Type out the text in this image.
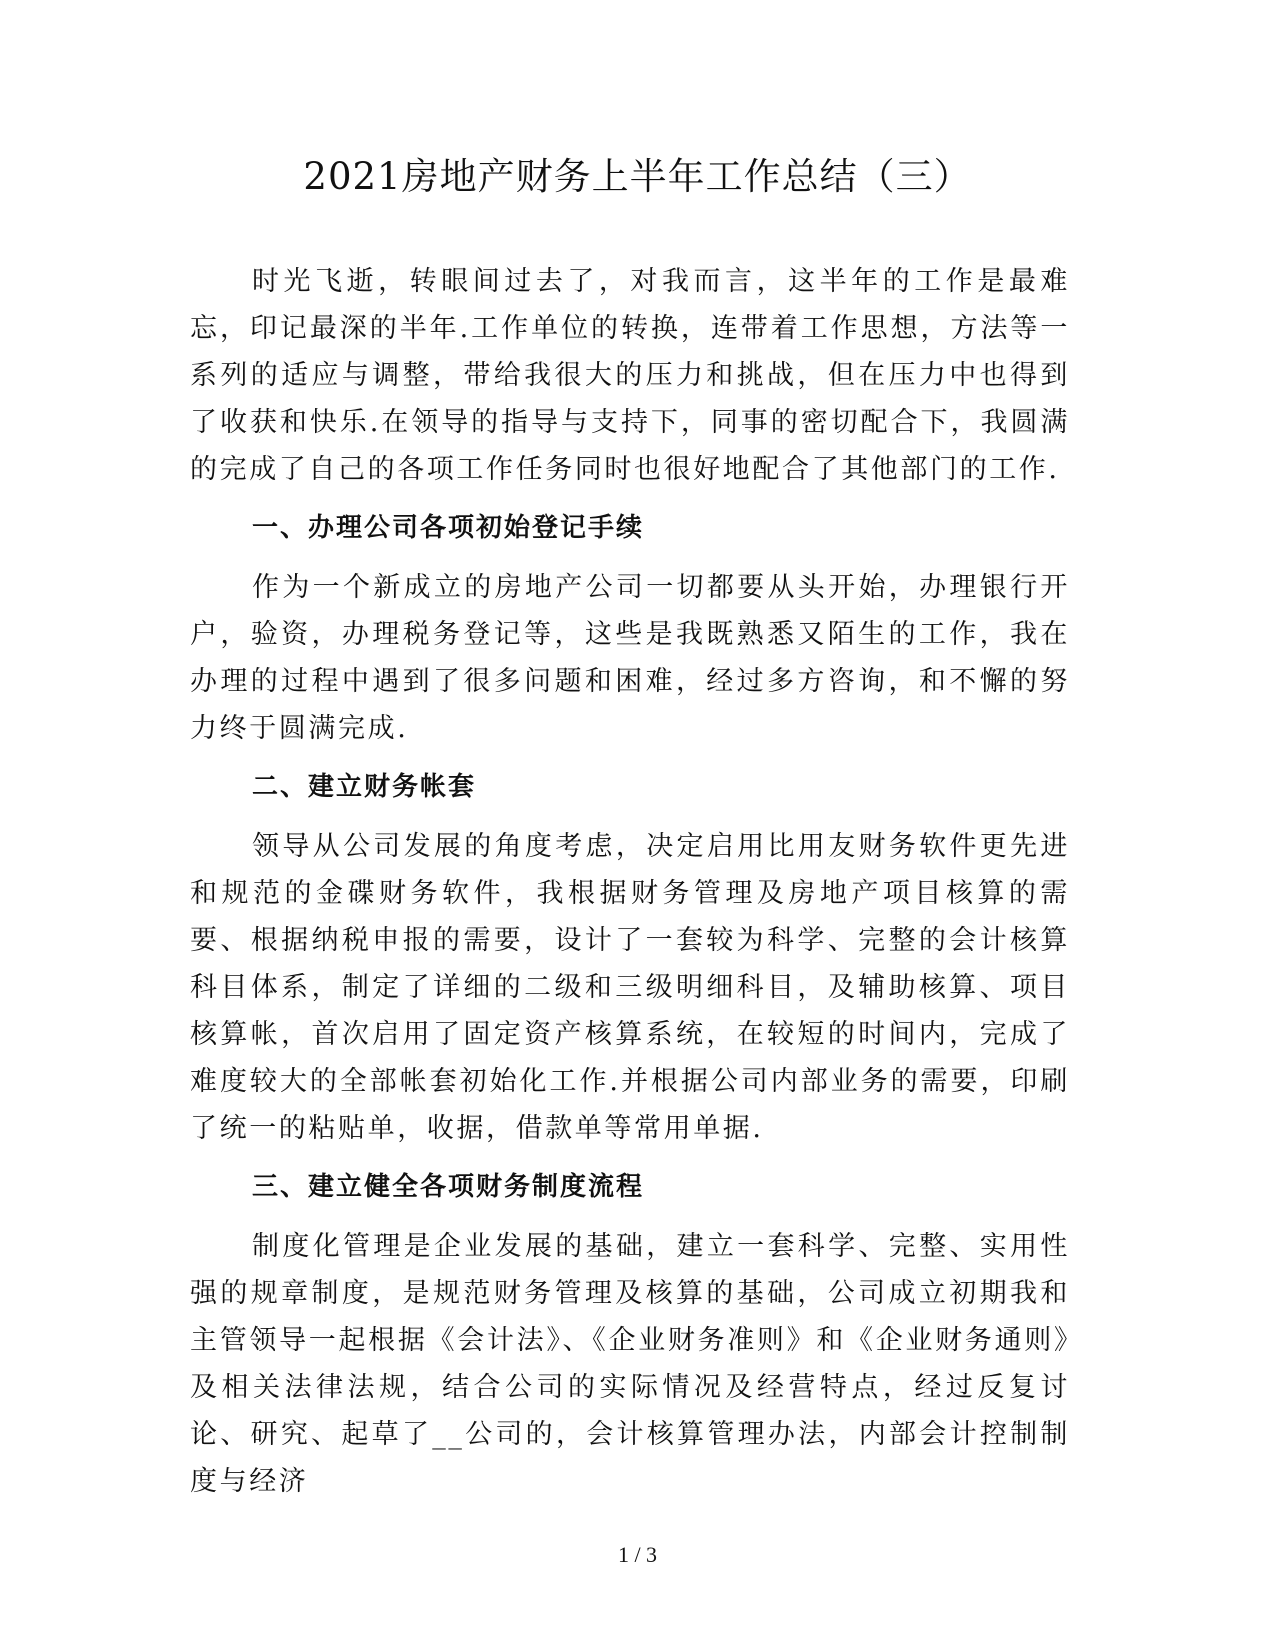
2021房地产财务上半年工作总结（三）

时光飞逝，转眼间过去了，对我而言，这半年的工作是最难忘，印记最深的半年.工作单位的转换，连带着工作思想，方法等一系列的适应与调整，带给我很大的压力和挑战，但在压力中也得到了收获和快乐.在领导的指导与支持下，同事的密切配合下，我圆满的完成了自己的各项工作任务同时也很好地配合了其他部门的工作.

一、办理公司各项初始登记手续

作为一个新成立的房地产公司一切都要从头开始，办理银行开户，验资，办理税务登记等，这些是我既熟悉又陌生的工作，我在办理的过程中遇到了很多问题和困难，经过多方咨询，和不懈的努力终于圆满完成.

二、建立财务帐套

领导从公司发展的角度考虑，决定启用比用友财务软件更先进和规范的金碟财务软件，我根据财务管理及房地产项目核算的需要、根据纳税申报的需要，设计了一套较为科学、完整的会计核算科目体系，制定了详细的二级和三级明细科目，及辅助核算、项目核算帐，首次启用了固定资产核算系统，在较短的时间内，完成了难度较大的全部帐套初始化工作.并根据公司内部业务的需要，印刷了统一的粘贴单，收据，借款单等常用单据.

三、建立健全各项财务制度流程

制度化管理是企业发展的基础，建立一套科学、完整、实用性强的规章制度，是规范财务管理及核算的基础，公司成立初期我和主管领导一起根据《会计法》、《企业财务准则》和《企业财务通则》及相关法律法规，结合公司的实际情况及经营特点，经过反复讨论、研究、起草了__公司的，会计核算管理办法，内部会计控制制度与经济

1 / 3
